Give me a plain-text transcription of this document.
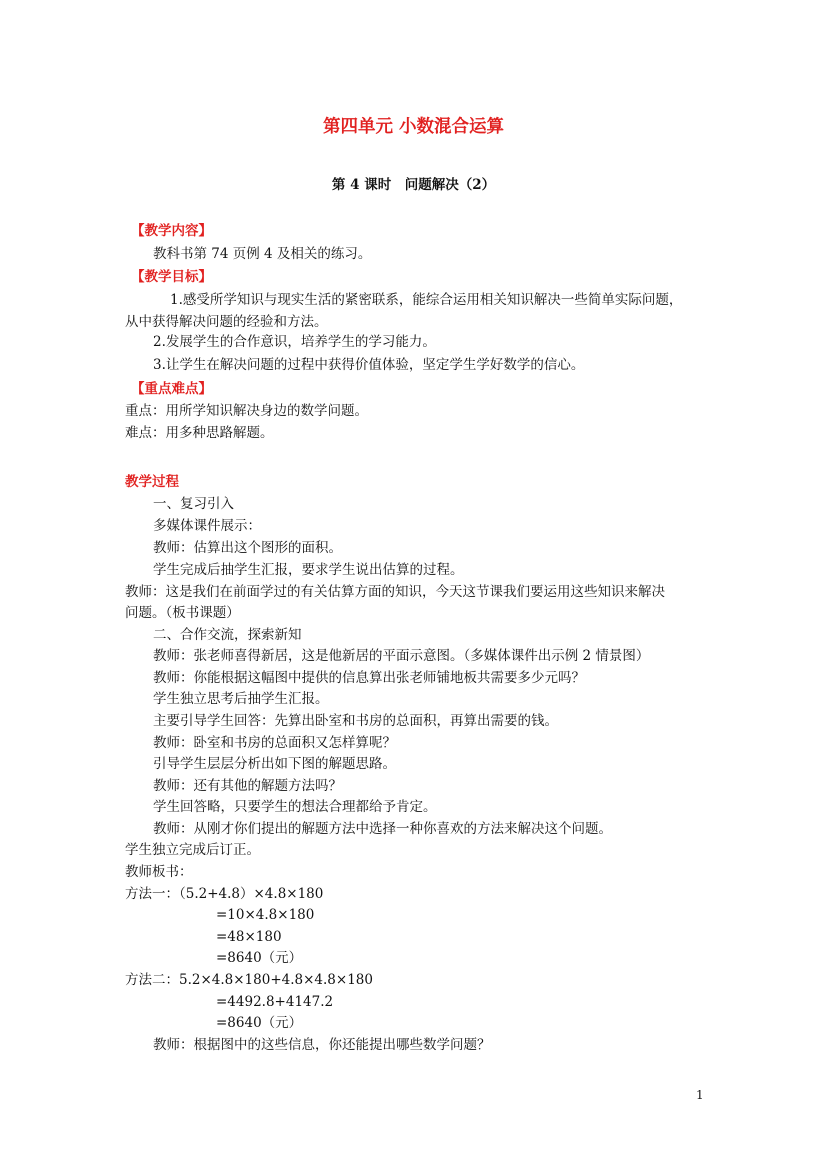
第四单元 小数混合运算
第 4 课时　问题解决（2）
【教学内容】
教科书第 74 页例 4 及相关的练习。
【教学目标】
1.感受所学知识与现实生活的紧密联系，能综合运用相关知识解决一些简单实际问题，
从中获得解决问题的经验和方法。
2.发展学生的合作意识，培养学生的学习能力。
3.让学生在解决问题的过程中获得价值体验，坚定学生学好数学的信心。
【重点难点】
重点：用所学知识解决身边的数学问题。
难点：用多种思路解题。
教学过程
一、复习引入
多媒体课件展示：
教师：估算出这个图形的面积。
学生完成后抽学生汇报，要求学生说出估算的过程。
教师：这是我们在前面学过的有关估算方面的知识，今天这节课我们要运用这些知识来解决
问题。（板书课题）
二、合作交流，探索新知
教师：张老师喜得新居，这是他新居的平面示意图。（多媒体课件出示例 2 情景图）
教师：你能根据这幅图中提供的信息算出张老师铺地板共需要多少元吗？
学生独立思考后抽学生汇报。
主要引导学生回答：先算出卧室和书房的总面积，再算出需要的钱。
教师：卧室和书房的总面积又怎样算呢？
引导学生层层分析出如下图的解题思路。
教师：还有其他的解题方法吗？
学生回答略，只要学生的想法合理都给予肯定。
教师：从刚才你们提出的解题方法中选择一种你喜欢的方法来解决这个问题。
学生独立完成后订正。
教师板书：
方法一：（5.2+4.8）×4.8×180
=10×4.8×180
=48×180
=8640（元）
方法二：5.2×4.8×180+4.8×4.8×180
=4492.8+4147.2
=8640（元）
教师：根据图中的这些信息，你还能提出哪些数学问题？
1
